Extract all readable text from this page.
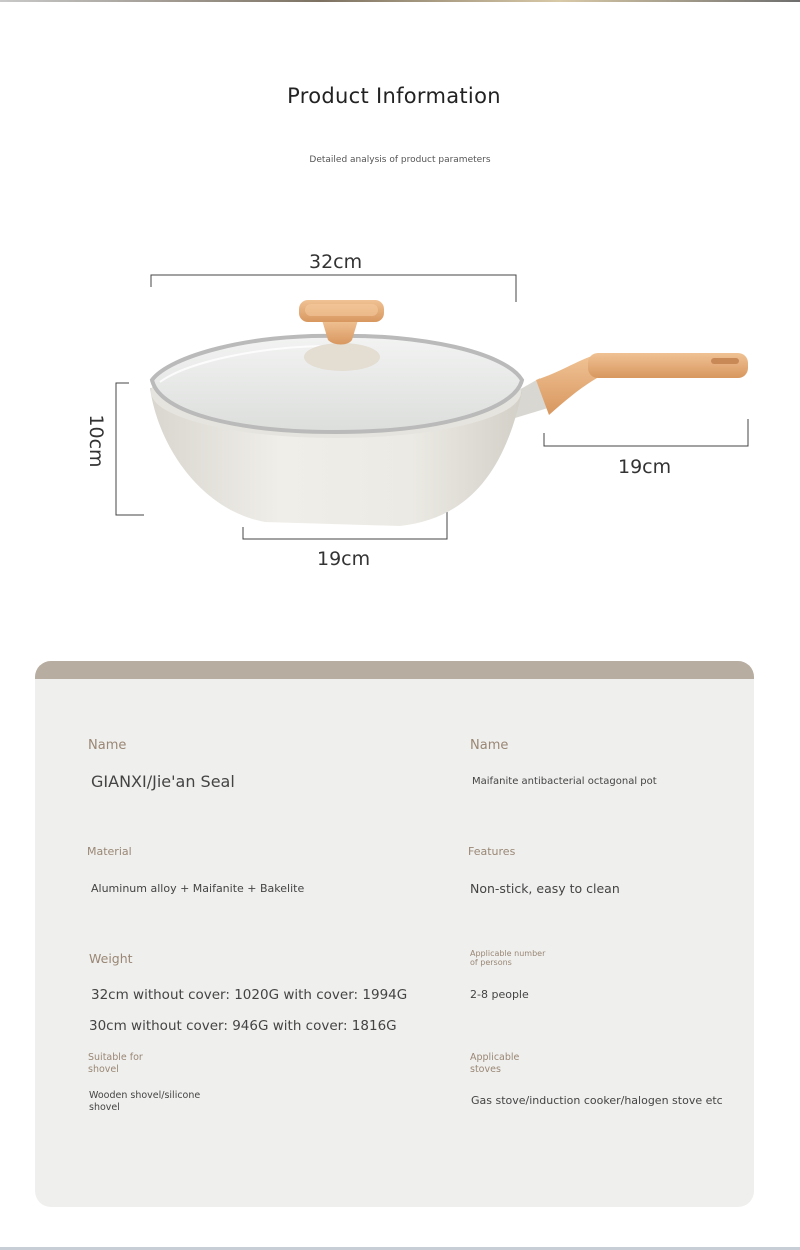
Product Information
Detailed analysis of product parameters
32cm
10cm	19cm
19cm
Name
GIANXI/Jie'an Seal
Name
Maifanite antibacterial octagonal pot
Material
Aluminum alloy + Maifanite + Bakelite
Features
Non-stick, easy to clean
Weight
32cm without cover: 1020G with cover: 1994G
30cm without cover: 946G with cover: 1816G
Applicable number
of persons
2-8 people
Suitable for
shovel
Wooden shovel/silicone
shovel
Applicable
stoves
Gas stove/induction cooker/halogen stove etc
